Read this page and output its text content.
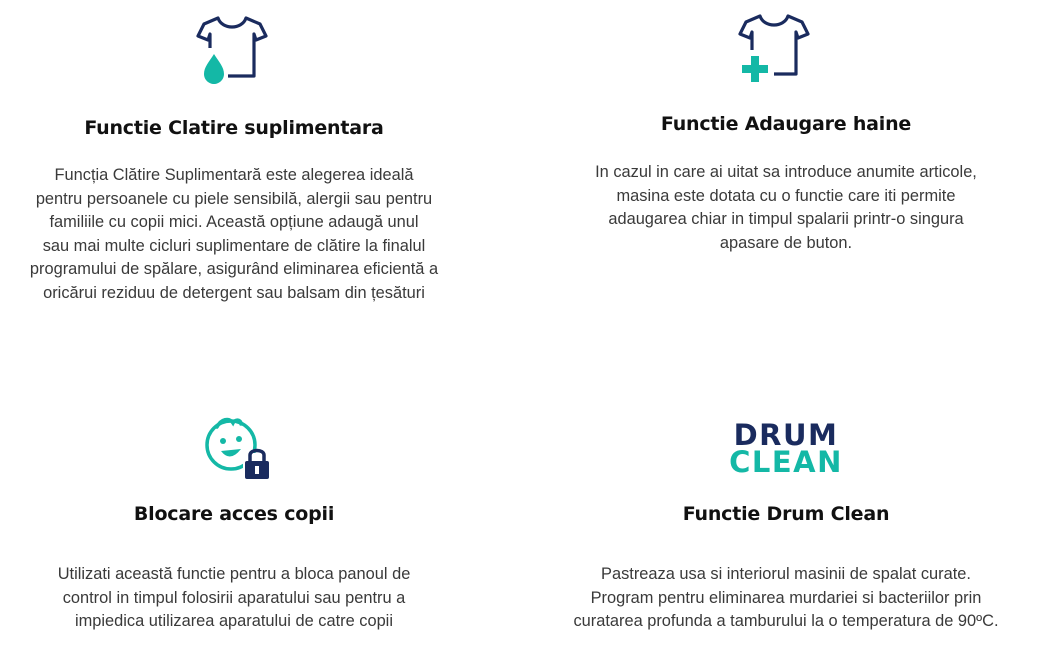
Functie Clatire suplimentara
Funcția Clătire Suplimentară este alegerea ideală
pentru persoanele cu piele sensibilă, alergii sau pentru
familiile cu copii mici. Această opțiune adaugă unul
sau mai multe cicluri suplimentare de clătire la finalul
programului de spălare, asigurând eliminarea eficientă a
oricărui reziduu de detergent sau balsam din țesături
Functie Adaugare haine
In cazul in care ai uitat sa introduce anumite articole,
masina este dotata cu o functie care iti permite
adaugarea chiar in timpul spalarii printr-o singura
apasare de buton.
Blocare acces copii
Utilizati această functie pentru a bloca panoul de
control in timpul folosirii aparatului sau pentru a
impiedica utilizarea aparatului de catre copii
DRUM
CLEAN
Functie Drum Clean
Pastreaza usa si interiorul masinii de spalat curate.
Program pentru eliminarea murdariei si bacteriilor prin
curatarea profunda a tamburului la o temperatura de 90ºC.
